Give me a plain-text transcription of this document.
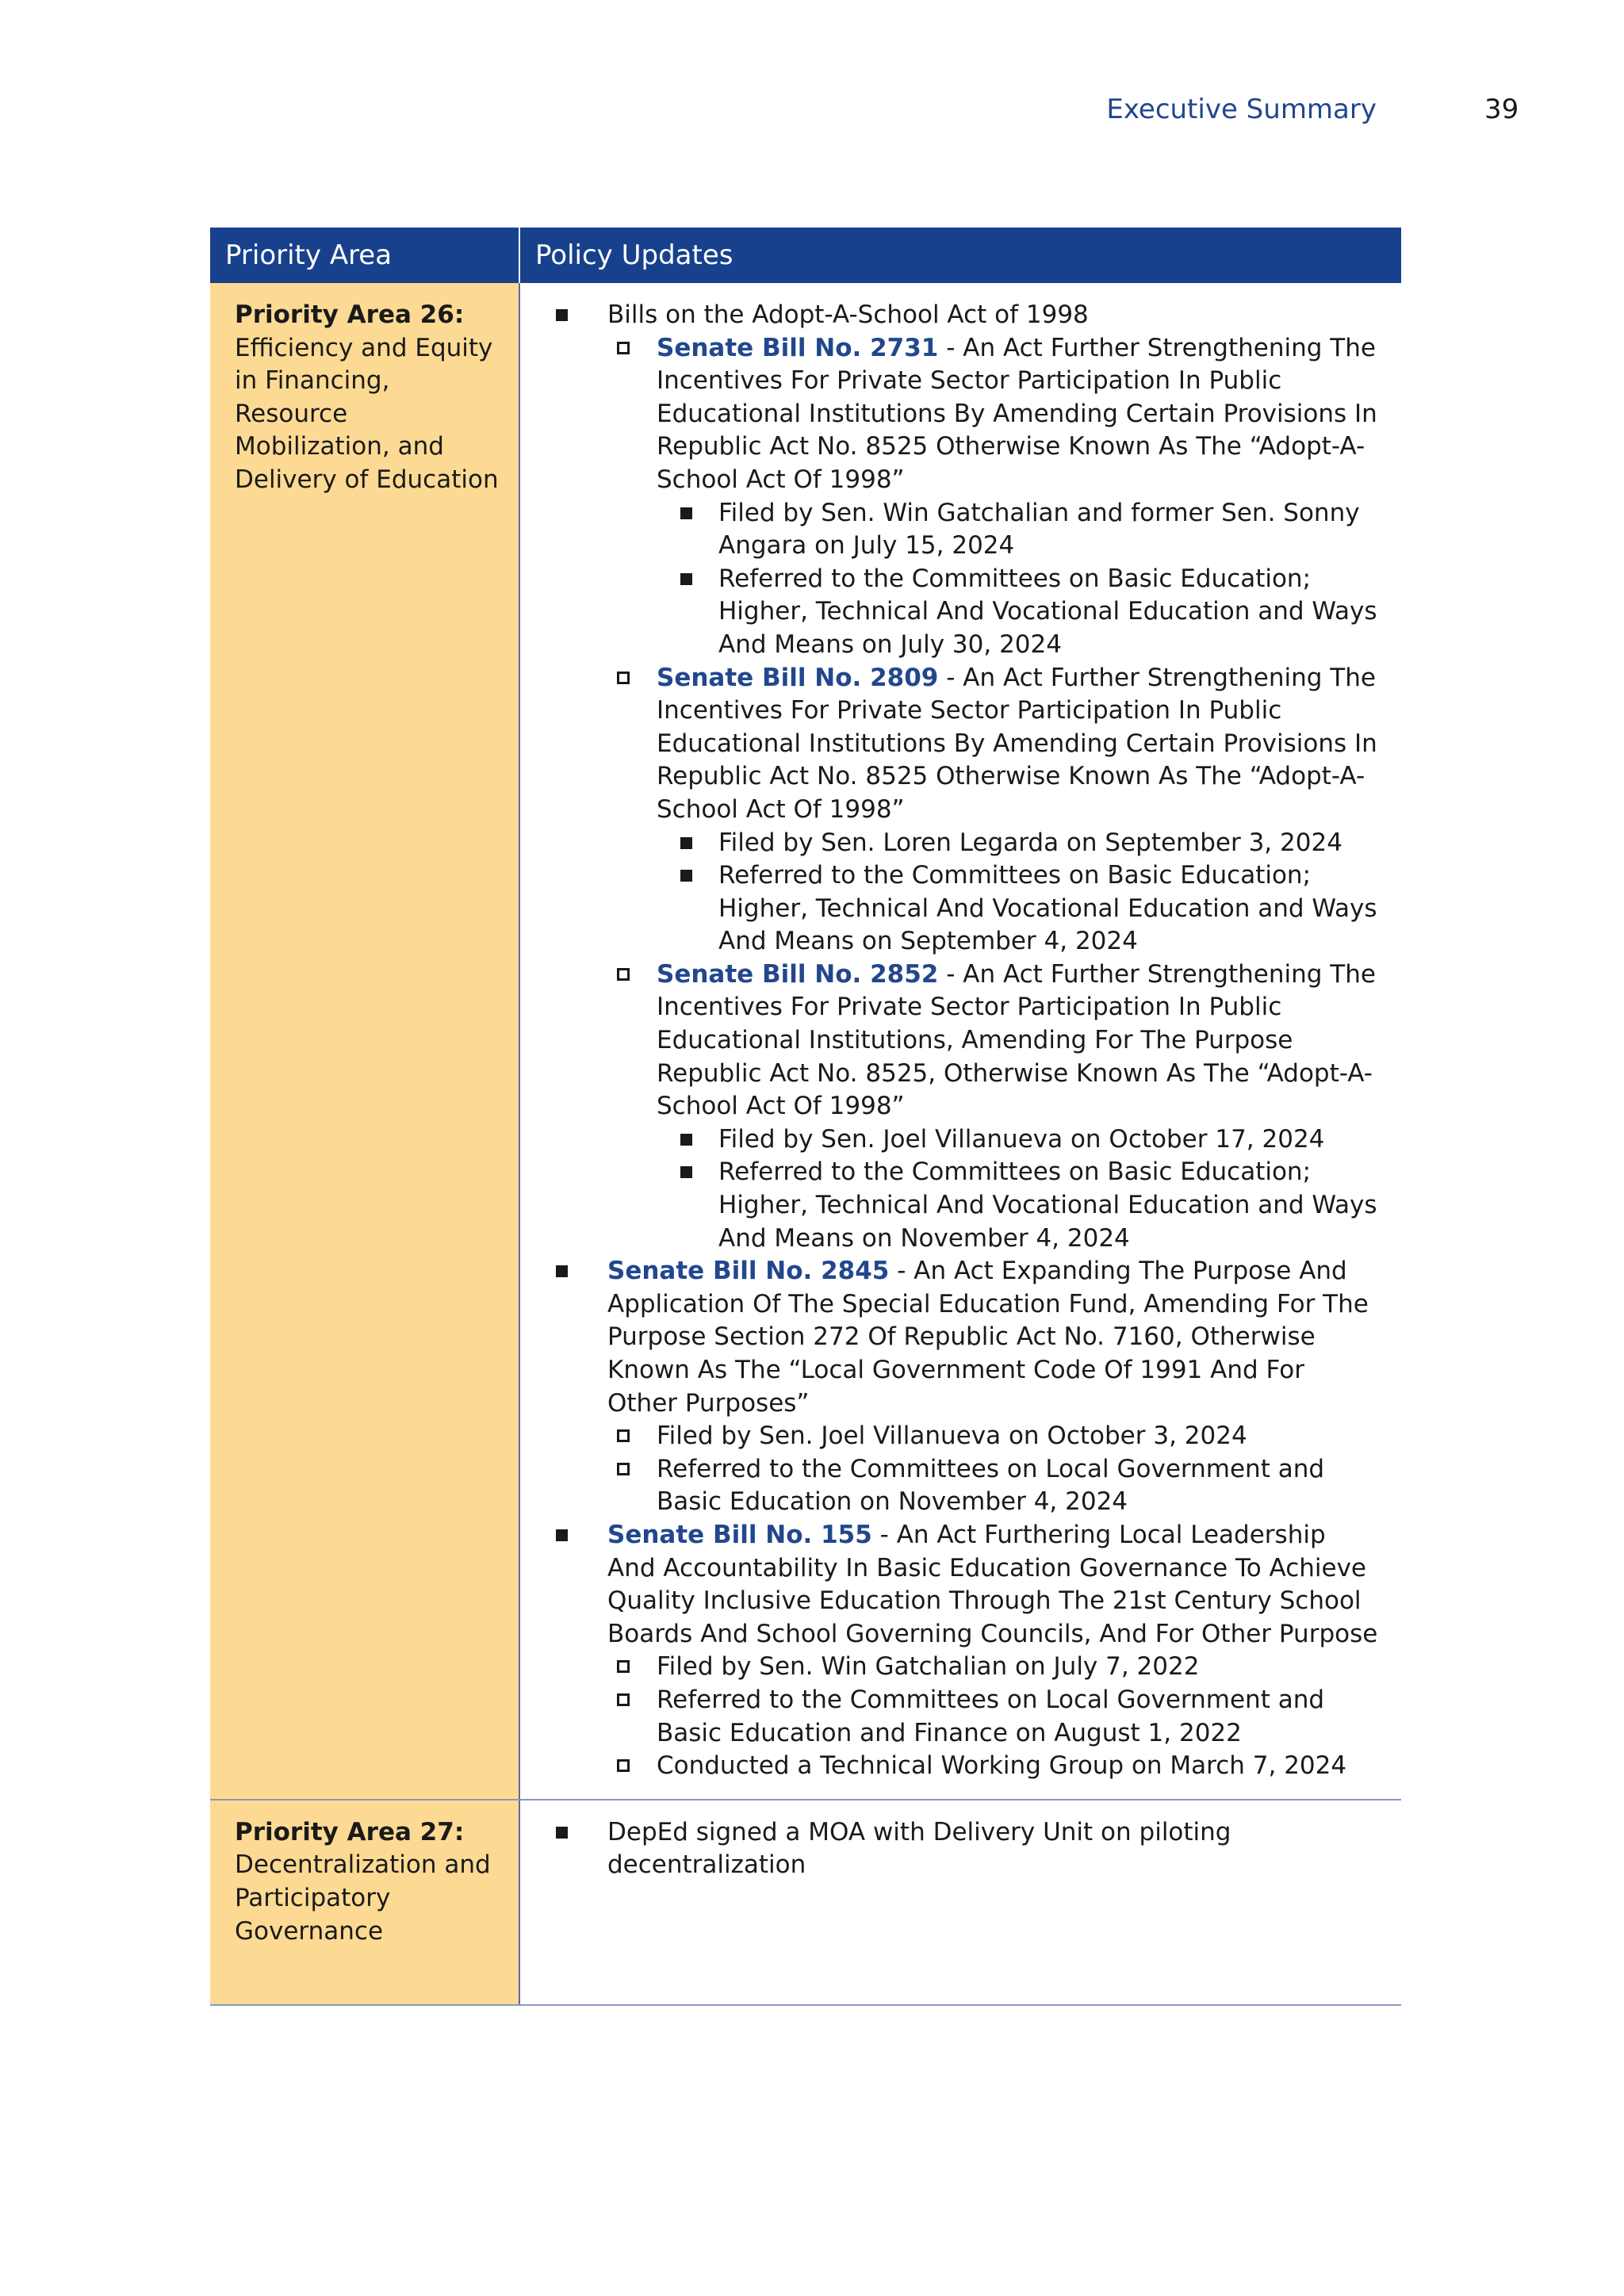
Executive Summary	39
Priority Area	Policy Updates
Priority Area 26:
Efficiency and Equity in Financing, Resource Mobilization, and Delivery of Education
Bills on the Adopt-A-School Act of 1998
Senate Bill No. 2731 - An Act Further Strengthening The Incentives For Private Sector Participation In Public Educational Institutions By Amending Certain Provisions In Republic Act No. 8525 Otherwise Known As The “Adopt-A-School Act Of 1998”
Filed by Sen. Win Gatchalian and former Sen. Sonny Angara on July 15, 2024
Referred to the Committees on Basic Education; Higher, Technical And Vocational Education and Ways And Means on July 30, 2024
Senate Bill No. 2809 - An Act Further Strengthening The Incentives For Private Sector Participation In Public Educational Institutions By Amending Certain Provisions In Republic Act No. 8525 Otherwise Known As The “Adopt-A-School Act Of 1998”
Filed by Sen. Loren Legarda on September 3, 2024
Referred to the Committees on Basic Education; Higher, Technical And Vocational Education and Ways And Means on September 4, 2024
Senate Bill No. 2852 - An Act Further Strengthening The Incentives For Private Sector Participation In Public Educational Institutions, Amending For The Purpose Republic Act No. 8525, Otherwise Known As The “Adopt-A-School Act Of 1998”
Filed by Sen. Joel Villanueva on October 17, 2024
Referred to the Committees on Basic Education; Higher, Technical And Vocational Education and Ways And Means on November 4, 2024
Senate Bill No. 2845 - An Act Expanding The Purpose And Application Of The Special Education Fund, Amending For The Purpose Section 272 Of Republic Act No. 7160, Otherwise Known As The “Local Government Code Of 1991 And For Other Purposes”
Filed by Sen. Joel Villanueva on October 3, 2024
Referred to the Committees on Local Government and Basic Education on November 4, 2024
Senate Bill No. 155 - An Act Furthering Local Leadership And Accountability In Basic Education Governance To Achieve Quality Inclusive Education Through The 21st Century School Boards And School Governing Councils, And For Other Purpose
Filed by Sen. Win Gatchalian on July 7, 2022
Referred to the Committees on Local Government and Basic Education and Finance on August 1, 2022
Conducted a Technical Working Group on March 7, 2024
Priority Area 27:
Decentralization and Participatory Governance
DepEd signed a MOA with Delivery Unit on piloting decentralization
